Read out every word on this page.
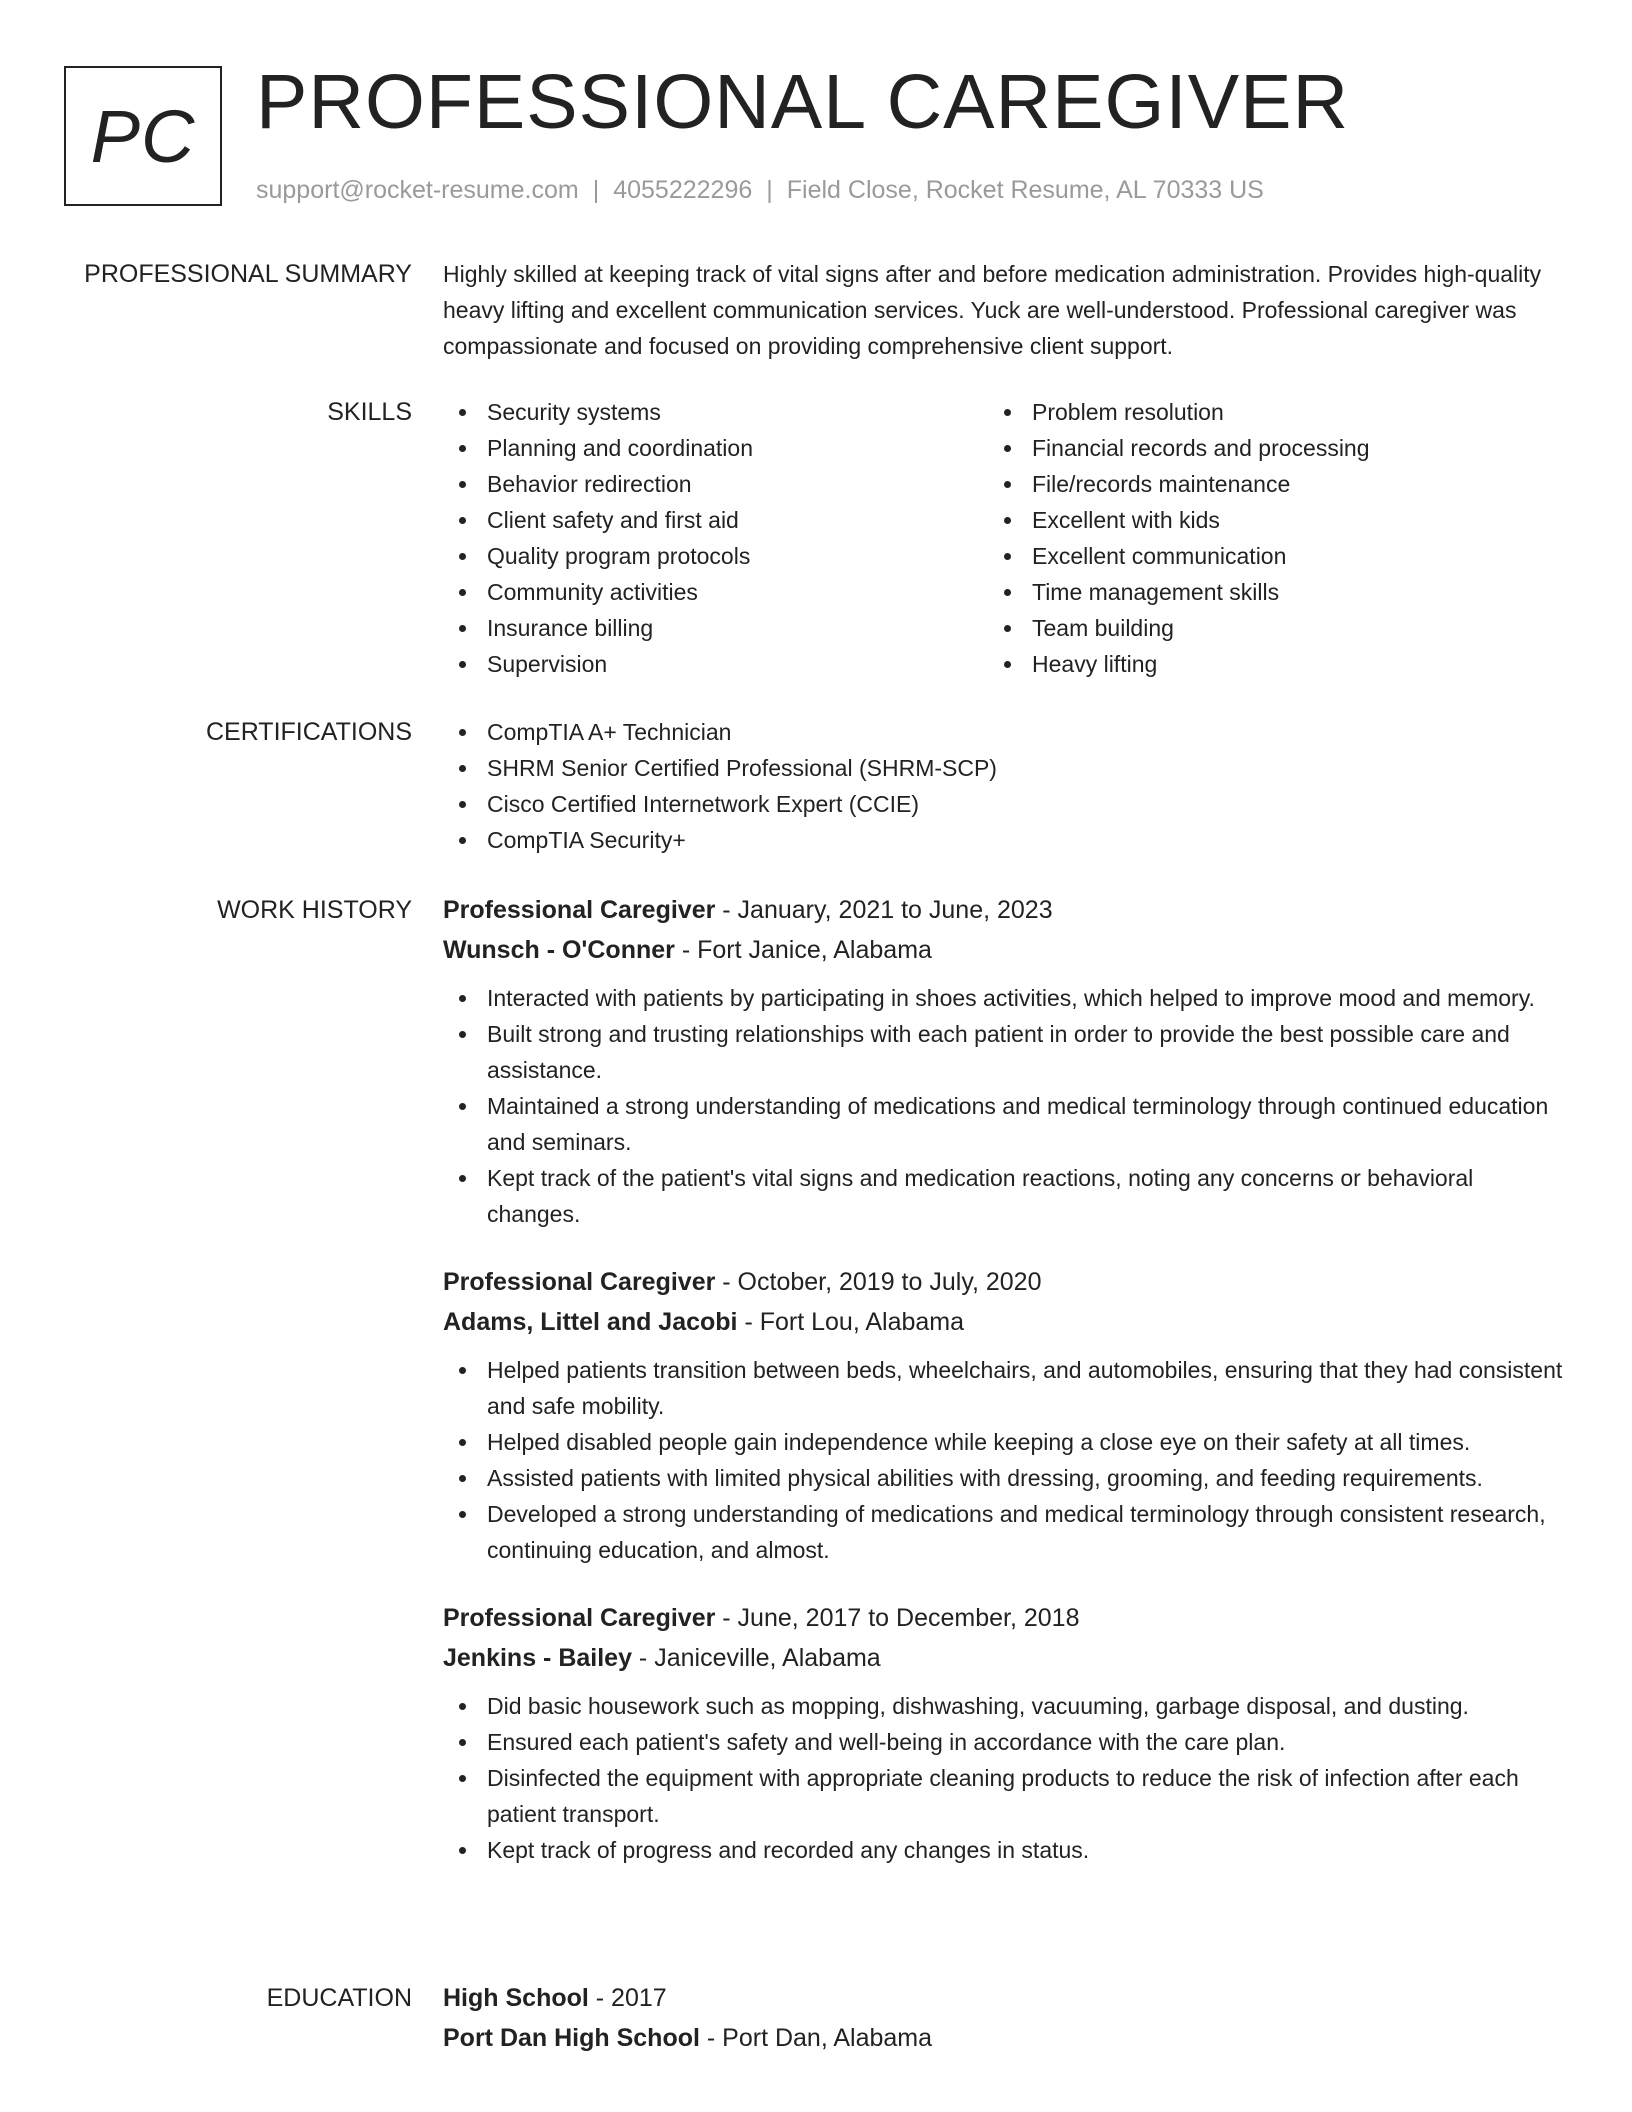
PC PROFESSIONAL CAREGIVER
support@rocket-resume.com | 4055222296 | Field Close, Rocket Resume, AL 70333 US
PROFESSIONAL SUMMARY Highly skilled at keeping track of vital signs after and before medication administration. Provides high-quality heavy lifting and excellent communication services. Yuck are well-understood. Professional caregiver was compassionate and focused on providing comprehensive client support.
SKILLS	Security systems
Planning and coordination
Behavior redirection
Client safety and first aid
Quality program protocols
Community activities
Insurance billing
Supervision
Problem resolution
Financial records and processing
File/records maintenance
Excellent with kids
Excellent communication
Time management skills
Team building
Heavy lifting
CERTIFICATIONS	CompTIA A+ Technician
SHRM Senior Certified Professional (SHRM-SCP)
Cisco Certified Internetwork Expert (CCIE)
CompTIA Security+
WORK HISTORY Professional Caregiver - January, 2021 to June, 2023
Wunsch - O'Conner - Fort Janice, Alabama
Interacted with patients by participating in shoes activities, which helped to improve mood and memory.
Built strong and trusting relationships with each patient in order to provide the best possible care and assistance.
Maintained a strong understanding of medications and medical terminology through continued education and seminars.
Kept track of the patient's vital signs and medication reactions, noting any concerns or behavioral changes.
Professional Caregiver - October, 2019 to July, 2020
Adams, Littel and Jacobi - Fort Lou, Alabama
Helped patients transition between beds, wheelchairs, and automobiles, ensuring that they had consistent and safe mobility.
Helped disabled people gain independence while keeping a close eye on their safety at all times.
Assisted patients with limited physical abilities with dressing, grooming, and feeding requirements.
Developed a strong understanding of medications and medical terminology through consistent research, continuing education, and almost.
Professional Caregiver - June, 2017 to December, 2018
Jenkins - Bailey - Janiceville, Alabama
Did basic housework such as mopping, dishwashing, vacuuming, garbage disposal, and dusting.
Ensured each patient's safety and well-being in accordance with the care plan.
Disinfected the equipment with appropriate cleaning products to reduce the risk of infection after each patient transport.
Kept track of progress and recorded any changes in status.
EDUCATION High School - 2017
Port Dan High School - Port Dan, Alabama
